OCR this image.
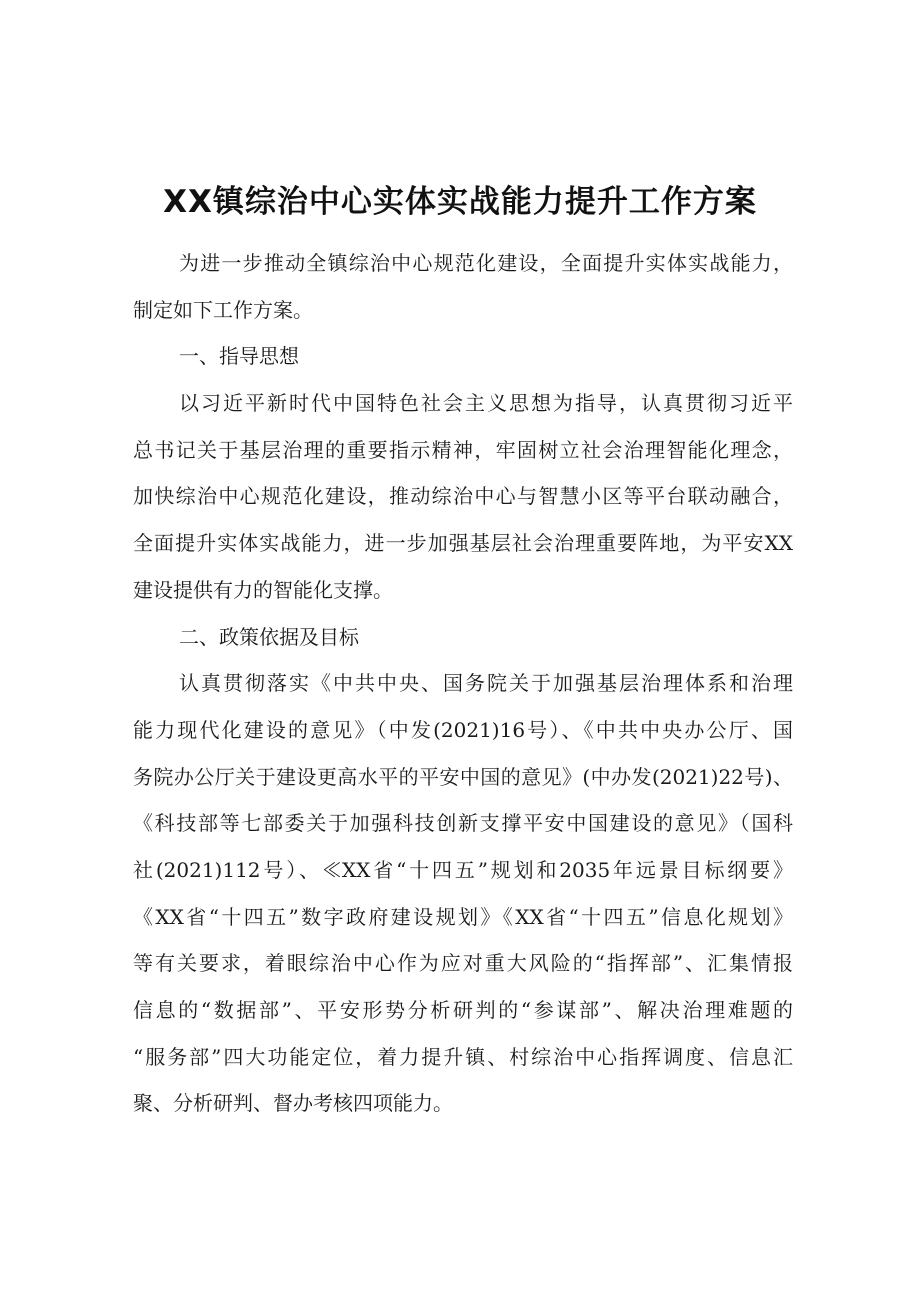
XX镇综治中心实体实战能力提升工作方案
为进一步推动全镇综治中心规范化建设，全面提升实体实战能力，
制定如下工作方案。
一、指导思想
以习近平新时代中国特色社会主义思想为指导，认真贯彻习近平
总书记关于基层治理的重要指示精神，牢固树立社会治理智能化理念，
加快综治中心规范化建设，推动综治中心与智慧小区等平台联动融合，
全面提升实体实战能力，进一步加强基层社会治理重要阵地，为平安XX
建设提供有力的智能化支撑。
二、政策依据及目标
认真贯彻落实《中共中央、国务院关于加强基层治理体系和治理
能力现代化建设的意见》（中发(2021)16号）、《中共中央办公厅、国
务院办公厅关于建设更高水平的平安中国的意见》(中办发(2021)22号)、
《科技部等七部委关于加强科技创新支撑平安中国建设的意见》（国科
社(2021)112号）、≪XX省“十四五”规划和2035年远景目标纲要》
《XX省“十四五”数字政府建设规划》《XX省“十四五”信息化规划》
等有关要求，着眼综治中心作为应对重大风险的“指挥部”、汇集情报
信息的“数据部”、平安形势分析研判的“参谋部”、解决治理难题的
“服务部”四大功能定位，着力提升镇、村综治中心指挥调度、信息汇
聚、分析研判、督办考核四项能力。
